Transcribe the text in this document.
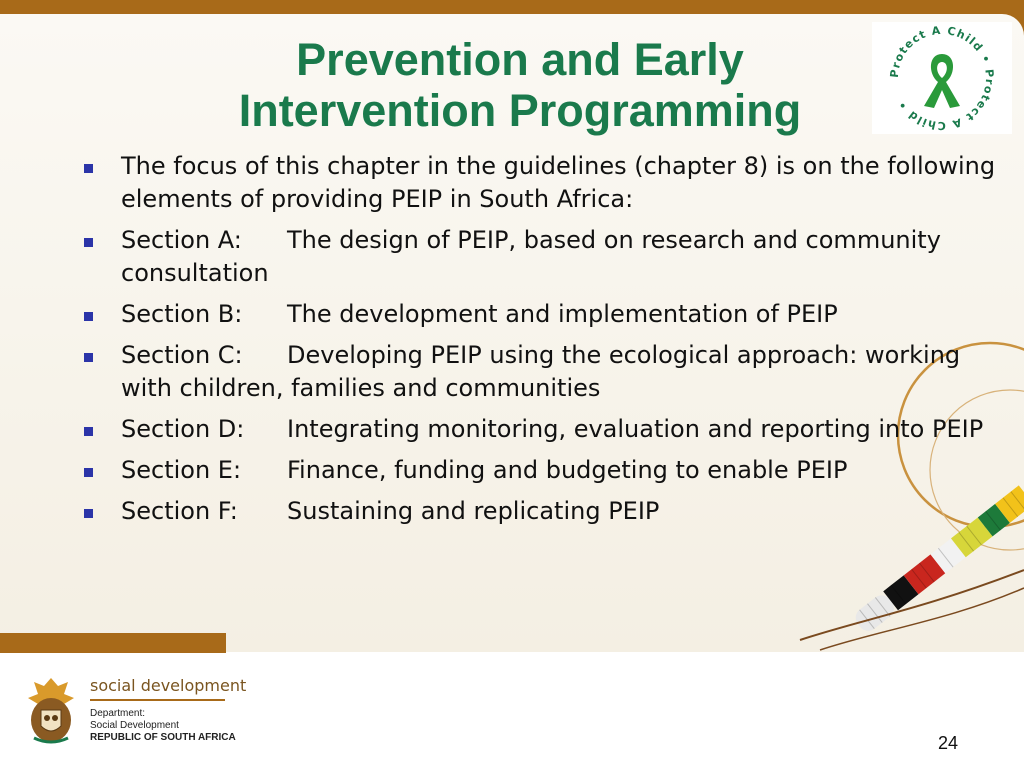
Prevention and Early
Intervention Programming
Protect A Child • Protect A Child •
The focus of this chapter in the guidelines (chapter 8) is on the following elements of providing PEIP in South Africa:
Section A: The design of PEIP, based on research and community consultation
Section B: The development and implementation of PEIP
Section C: Developing PEIP using the ecological approach: working with children, families and communities
Section D: Integrating monitoring, evaluation and reporting into PEIP
Section E: Finance, funding and budgeting to enable PEIP
Section F: Sustaining and replicating PEIP
social development
Department:
Social Development
REPUBLIC OF SOUTH AFRICA	24
